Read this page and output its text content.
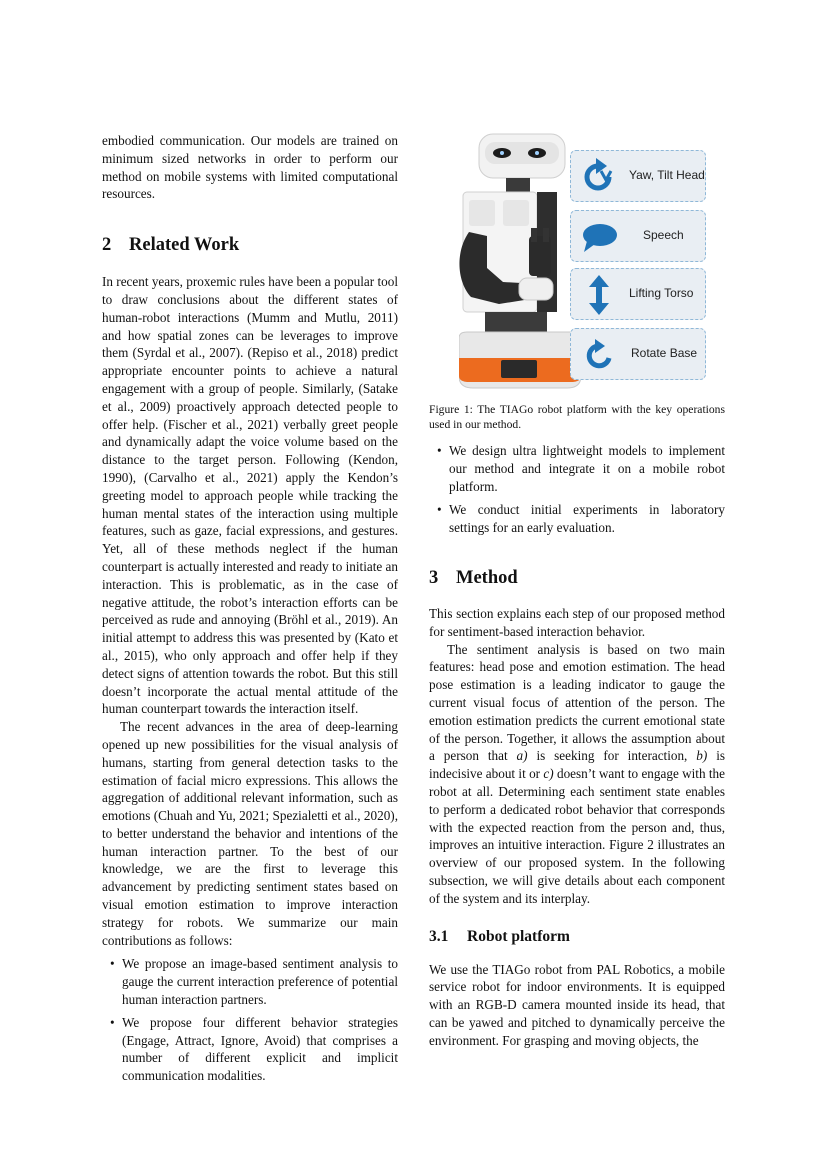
embodied communication. Our models are trained on minimum sized networks in order to perform our method on mobile systems with limited computational resources.

2 Related Work

In recent years, proxemic rules have been a popular tool to draw conclusions about the different states of human-robot interactions (Mumm and Mutlu, 2011) and how spatial zones can be leverages to improve them (Syrdal et al., 2007). (Repiso et al., 2018) predict appropriate encounter points to achieve a natural engagement with a group of people. Similarly, (Satake et al., 2009) proactively approach detected people to offer help. (Fischer et al., 2021) verbally greet people and dynamically adapt the voice volume based on the distance to the target person. Following (Kendon, 1990), (Carvalho et al., 2021) apply the Kendon’s greeting model to approach people while tracking the human mental states of the interaction using multiple features, such as gaze, facial expressions, and gestures. Yet, all of these methods neglect if the human counterpart is actually interested and ready to initiate an interaction. This is problematic, as in the case of negative attitude, the robot’s interaction efforts can be perceived as rude and annoying (Bröhl et al., 2019). An initial attempt to address this was presented by (Kato et al., 2015), who only approach and offer help if they detect signs of attention towards the robot. But this still doesn’t incorporate the actual mental attitude of the human counterpart towards the interaction itself.

The recent advances in the area of deep-learning opened up new possibilities for the visual analysis of humans, starting from general detection tasks to the estimation of facial micro expressions. This allows the aggregation of additional relevant information, such as emotions (Chuah and Yu, 2021; Spezialetti et al., 2020), to better understand the behavior and intentions of the human interaction partner. To the best of our knowledge, we are the first to leverage this advancement by predicting sentiment states based on visual emotion estimation to improve interaction strategy for robots. We summarize our main contributions as follows:

• We propose an image-based sentiment analysis to gauge the current interaction preference of potential human interaction partners.
• We propose four different behavior strategies (Engage, Attract, Ignore, Avoid) that comprises a number of different explicit and implicit communication modalities.
Yaw, Tilt Head
Speech
Lifting Torso
Rotate Base

Figure 1: The TIAGo robot platform with the key operations used in our method.

• We design ultra lightweight models to implement our method and integrate it on a mobile robot platform.
• We conduct initial experiments in laboratory settings for an early evaluation.
3 Method

This section explains each step of our proposed method for sentiment-based interaction behavior.

The sentiment analysis is based on two main features: head pose and emotion estimation. The head pose estimation is a leading indicator to gauge the current visual focus of attention of the person. The emotion estimation predicts the current emotional state of the person. Together, it allows the assumption about a person that a) is seeking for interaction, b) is indecisive about it or c) doesn’t want to engage with the robot at all. Determining each sentiment state enables to perform a dedicated robot behavior that corresponds with the expected reaction from the person and, thus, improves an intuitive interaction. Figure 2 illustrates an overview of our proposed system. In the following subsection, we will give details about each component of the system and its interplay.

3.1 Robot platform

We use the TIAGo robot from PAL Robotics, a mobile service robot for indoor environments. It is equipped with an RGB-D camera mounted inside its head, that can be yawed and pitched to dynamically perceive the environment. For grasping and moving objects, the
